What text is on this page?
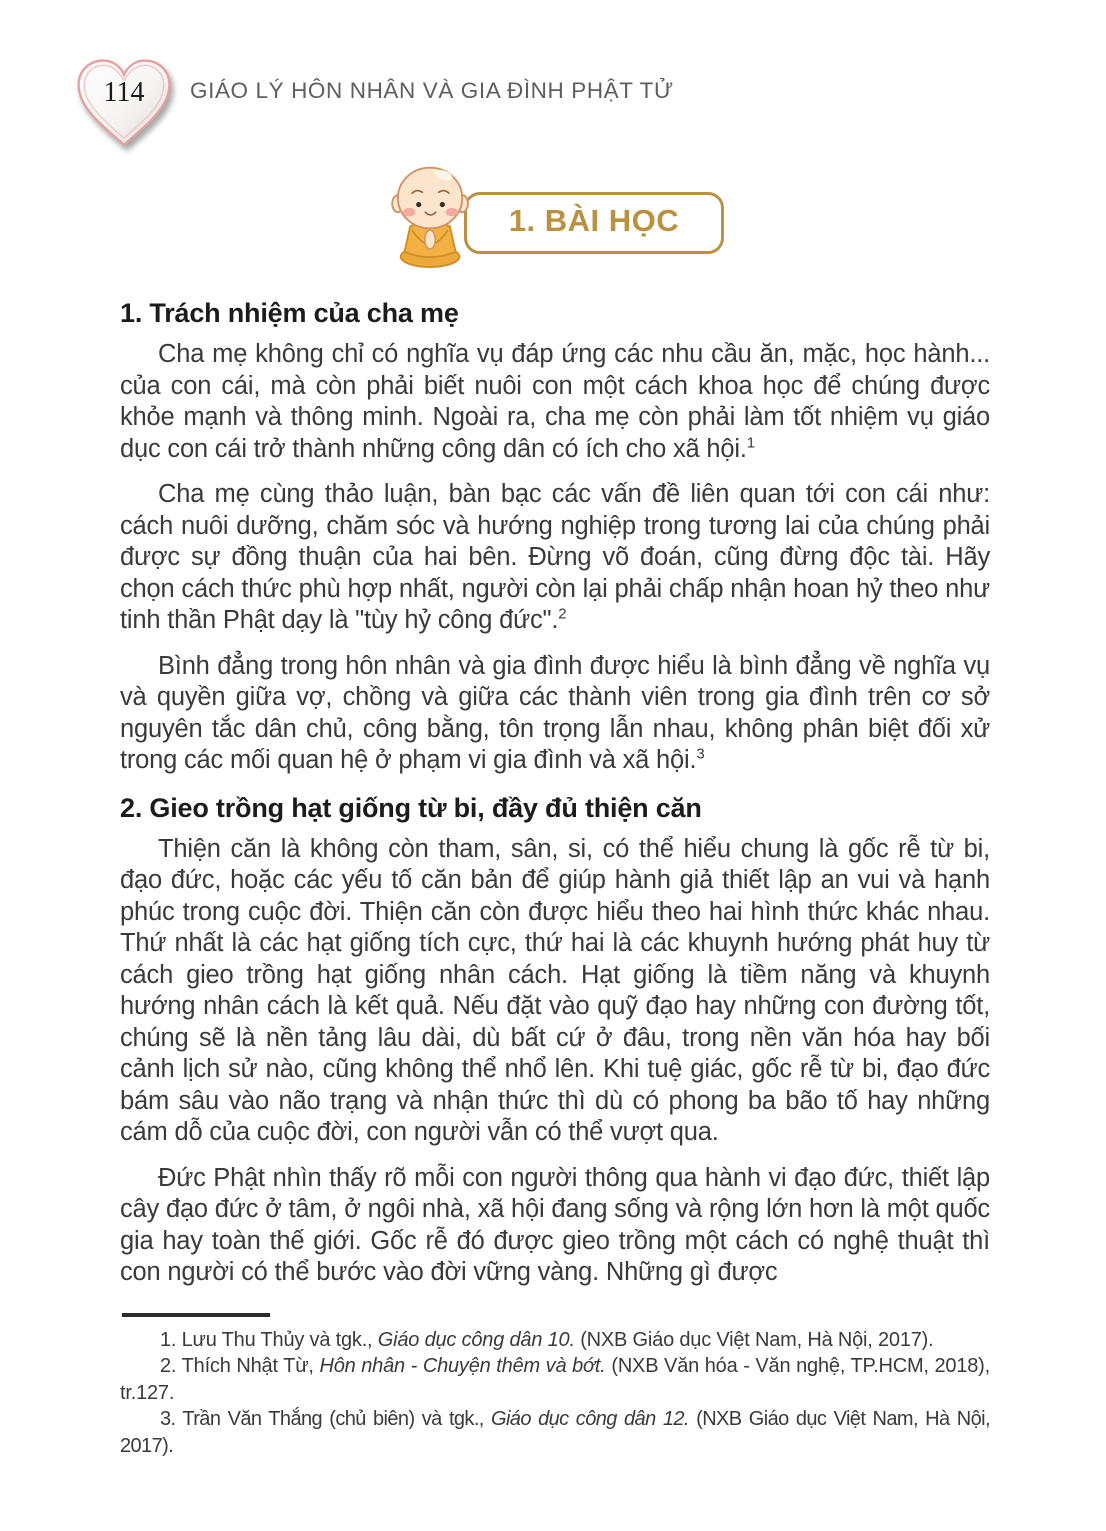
114	GIÁO LÝ HÔN NHÂN VÀ GIA ĐÌNH PHẬT TỬ
1. BÀI HỌC
1. Trách nhiệm của cha mẹ

Cha mẹ không chỉ có nghĩa vụ đáp ứng các nhu cầu ăn, mặc, học hành... của con cái, mà còn phải biết nuôi con một cách khoa học để chúng được khỏe mạnh và thông minh. Ngoài ra, cha mẹ còn phải làm tốt nhiệm vụ giáo dục con cái trở thành những công dân có ích cho xã hội.$^1$

Cha mẹ cùng thảo luận, bàn bạc các vấn đề liên quan tới con cái như: cách nuôi dưỡng, chăm sóc và hướng nghiệp trong tương lai của chúng phải được sự đồng thuận của hai bên. Đừng võ đoán, cũng đừng độc tài. Hãy chọn cách thức phù hợp nhất, người còn lại phải chấp nhận hoan hỷ theo như tinh thần Phật dạy là "tùy hỷ công đức".$^2$

Bình đẳng trong hôn nhân và gia đình được hiểu là bình đẳng về nghĩa vụ và quyền giữa vợ, chồng và giữa các thành viên trong gia đình trên cơ sở nguyên tắc dân chủ, công bằng, tôn trọng lẫn nhau, không phân biệt đối xử trong các mối quan hệ ở phạm vi gia đình và xã hội.$^3$

2. Gieo trồng hạt giống từ bi, đầy đủ thiện căn

Thiện căn là không còn tham, sân, si, có thể hiểu chung là gốc rễ từ bi, đạo đức, hoặc các yếu tố căn bản để giúp hành giả thiết lập an vui và hạnh phúc trong cuộc đời. Thiện căn còn được hiểu theo hai hình thức khác nhau. Thứ nhất là các hạt giống tích cực, thứ hai là các khuynh hướng phát huy từ cách gieo trồng hạt giống nhân cách. Hạt giống là tiềm năng và khuynh hướng nhân cách là kết quả. Nếu đặt vào quỹ đạo hay những con đường tốt, chúng sẽ là nền tảng lâu dài, dù bất cứ ở đâu, trong nền văn hóa hay bối cảnh lịch sử nào, cũng không thể nhổ lên. Khi tuệ giác, gốc rễ từ bi, đạo đức bám sâu vào não trạng và nhận thức thì dù có phong ba bão tố hay những cám dỗ của cuộc đời, con người vẫn có thể vượt qua.

Đức Phật nhìn thấy rõ mỗi con người thông qua hành vi đạo đức, thiết lập cây đạo đức ở tâm, ở ngôi nhà, xã hội đang sống và rộng lớn hơn là một quốc gia hay toàn thế giới. Gốc rễ đó được gieo trồng một cách có nghệ thuật thì con người có thể bước vào đời vững vàng. Những gì được

1. Lưu Thu Thủy và tgk., Giáo dục công dân 10. (NXB Giáo dục Việt Nam, Hà Nội, 2017).

2. Thích Nhật Từ, Hôn nhân - Chuyện thêm và bớt. (NXB Văn hóa - Văn nghệ, TP.HCM, 2018), tr.127.

3. Trần Văn Thắng (chủ biên) và tgk., Giáo dục công dân 12. (NXB Giáo dục Việt Nam, Hà Nội, 2017).
